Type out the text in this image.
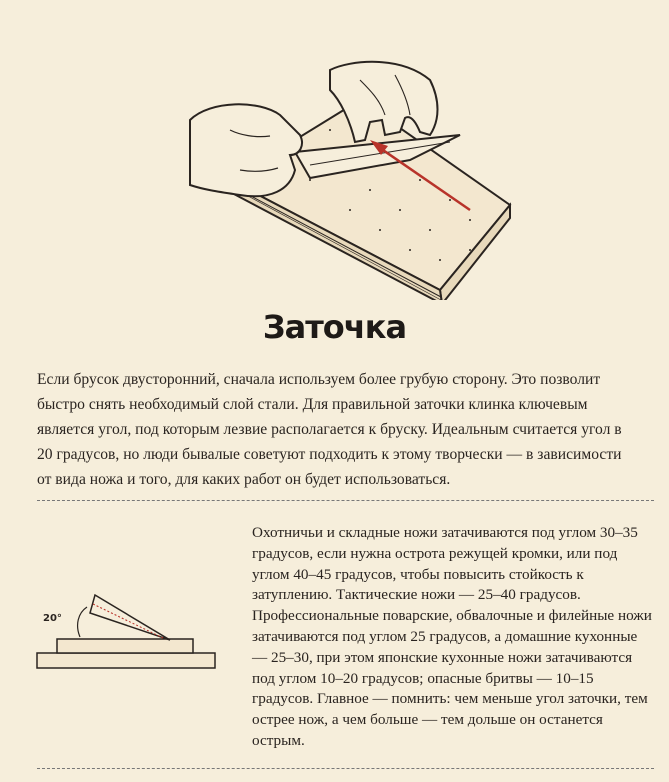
Заточка
Если брусок двусторонний, сначала используем более грубую сторону. Это позволит быстро снять необходимый слой стали. Для правильной заточки клинка ключевым является угол, под которым лезвие располагается к бруску. Идеальным считается угол в 20 градусов, но люди бывалые советуют подходить к этому творчески — в зависимости от вида ножа и того, для каких работ он будет использоваться.
20°
Охотничьи и складные ножи затачиваются под углом 30–35 градусов, если нужна острота режущей кромки, или под углом 40–45 градусов, чтобы повысить стойкость к затуплению. Тактические ножи — 25–40 градусов. Профессиональные поварские, обвалочные и филейные ножи затачиваются под углом 25 градусов, а домашние кухонные — 25–30, при этом японские кухонные ножи затачиваются под углом 10–20 градусов; опасные бритвы — 10–15 градусов. Главное — помнить: чем меньше угол заточки, тем острее нож, а чем больше — тем дольше он останется острым.
